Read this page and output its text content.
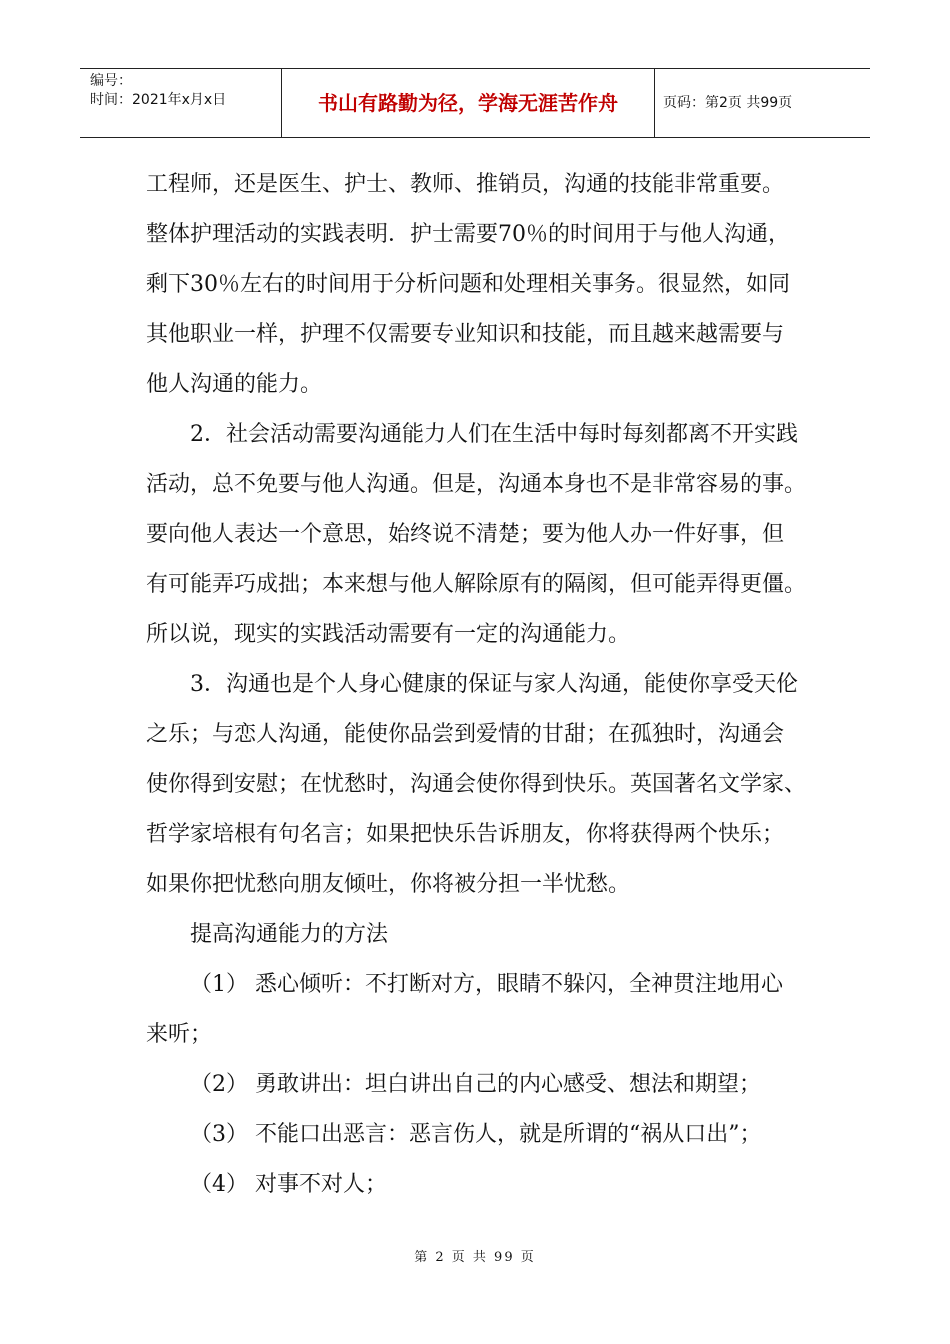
编号：
时间：2021年x月x日	书山有路勤为径，学海无涯苦作舟	页码：第2页 共99页

工程师，还是医生、护士、教师、推销员，沟通的技能非常重要。

整体护理活动的实践表明．护士需要70％的时间用于与他人沟通，

剩下30％左右的时间用于分析问题和处理相关事务。很显然，如同

其他职业一样，护理不仅需要专业知识和技能，而且越来越需要与

他人沟通的能力。

2．社会活动需要沟通能力人们在生活中每时每刻都离不开实践

活动，总不免要与他人沟通。但是，沟通本身也不是非常容易的事。

要向他人表达一个意思，始终说不清楚；要为他人办一件好事，但

有可能弄巧成拙；本来想与他人解除原有的隔阂，但可能弄得更僵。

所以说，现实的实践活动需要有一定的沟通能力。

3．沟通也是个人身心健康的保证与家人沟通，能使你享受天伦

之乐；与恋人沟通，能使你品尝到爱情的甘甜；在孤独时，沟通会

使你得到安慰；在忧愁时，沟通会使你得到快乐。英国著名文学家、

哲学家培根有句名言；如果把快乐告诉朋友，你将获得两个快乐；

如果你把忧愁向朋友倾吐，你将被分担一半忧愁。

提高沟通能力的方法

（1） 悉心倾听：不打断对方，眼睛不躲闪，全神贯注地用心

来听；

（2） 勇敢讲出：坦白讲出自己的内心感受、想法和期望；

（3） 不能口出恶言：恶言伤人，就是所谓的“祸从口出”；

（4） 对事不对人；

第 2 页 共 99 页
